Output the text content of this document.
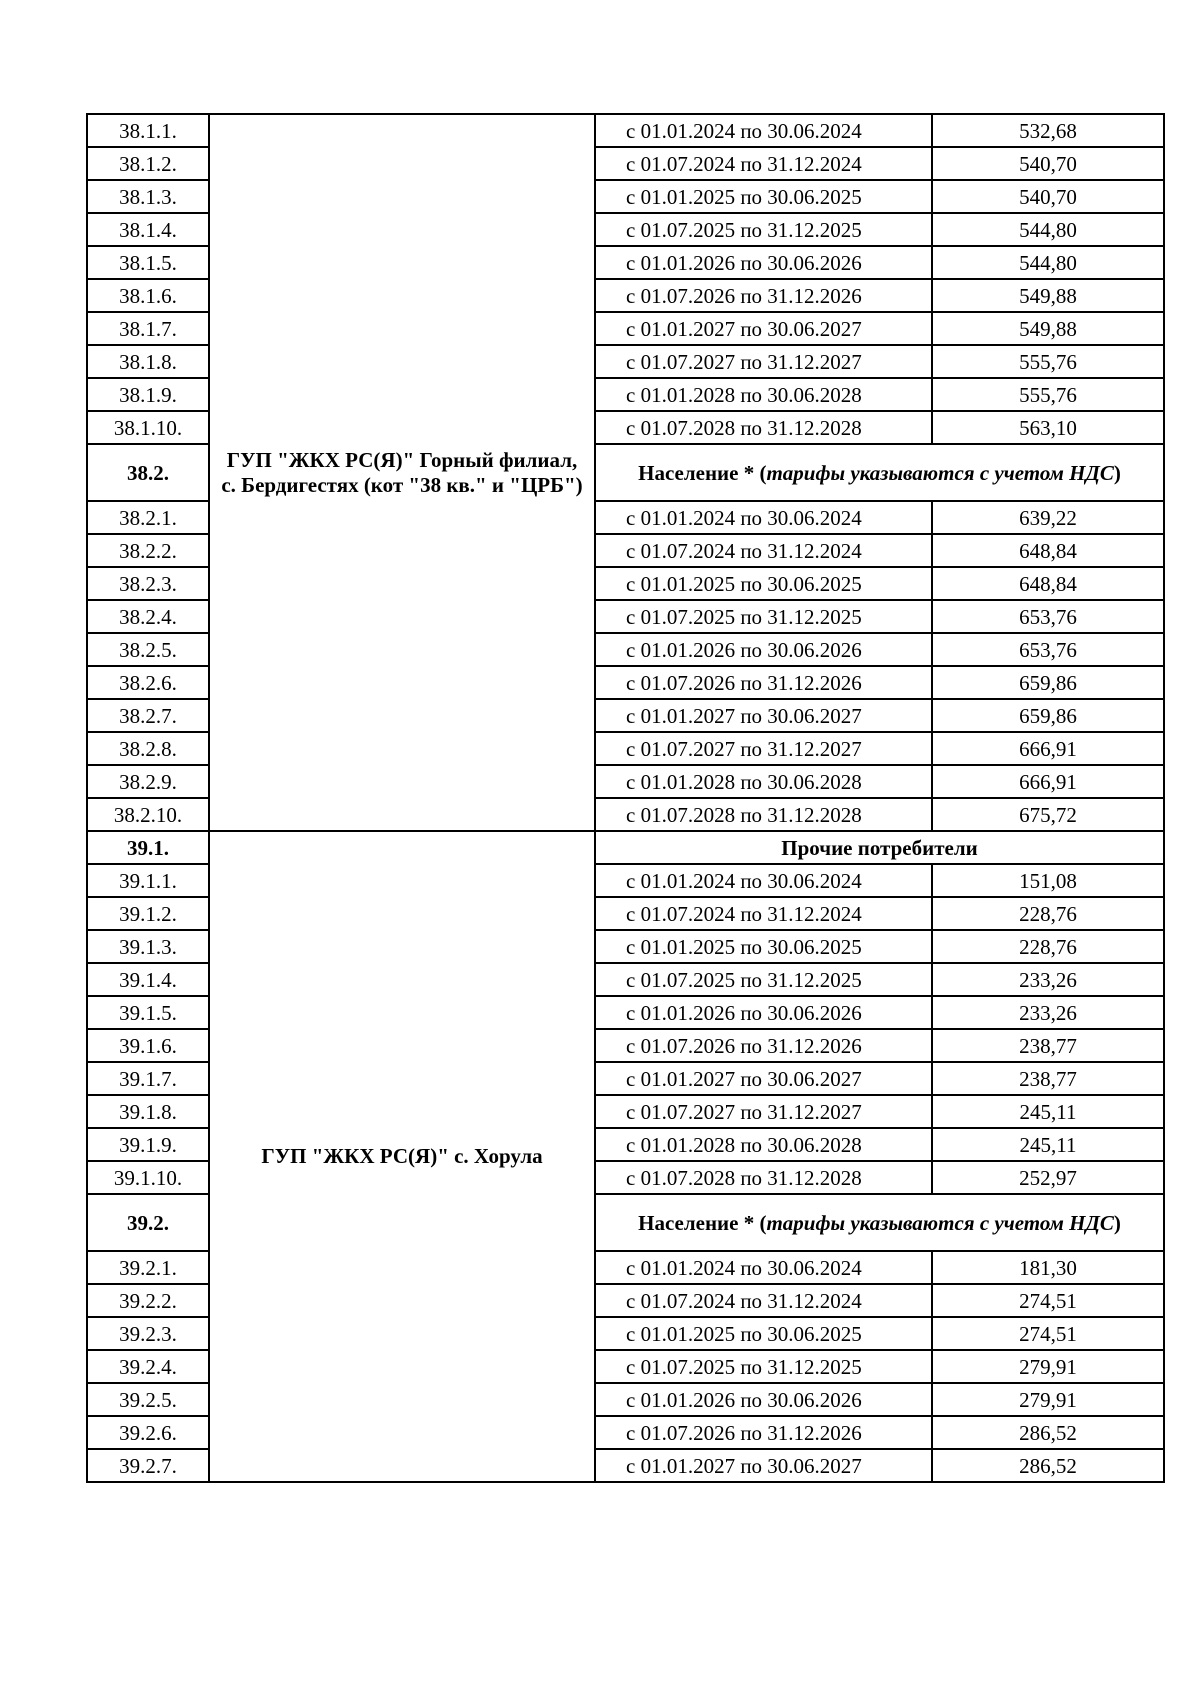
38.1.1.	ГУП "ЖКХ РС(Я)" Горный филиал, с. Бердигестях (кот "38 кв." и "ЦРБ")	с 01.01.2024 по 30.06.2024	532,68
38.1.2.		с 01.07.2024 по 31.12.2024	540,70
38.1.3.		с 01.01.2025 по 30.06.2025	540,70
38.1.4.		с 01.07.2025 по 31.12.2025	544,80
38.1.5.		с 01.01.2026 по 30.06.2026	544,80
38.1.6.		с 01.07.2026 по 31.12.2026	549,88
38.1.7.		с 01.01.2027 по 30.06.2027	549,88
38.1.8.		с 01.07.2027 по 31.12.2027	555,76
38.1.9.		с 01.01.2028 по 30.06.2028	555,76
38.1.10.		с 01.07.2028 по 31.12.2028	563,10
38.2.		Население * (тарифы указываются с учетом НДС)	
38.2.1.		с 01.01.2024 по 30.06.2024	639,22
38.2.2.		с 01.07.2024 по 31.12.2024	648,84
38.2.3.		с 01.01.2025 по 30.06.2025	648,84
38.2.4.		с 01.07.2025 по 31.12.2025	653,76
38.2.5.		с 01.01.2026 по 30.06.2026	653,76
38.2.6.		с 01.07.2026 по 31.12.2026	659,86
38.2.7.		с 01.01.2027 по 30.06.2027	659,86
38.2.8.		с 01.07.2027 по 31.12.2027	666,91
38.2.9.		с 01.01.2028 по 30.06.2028	666,91
38.2.10.		с 01.07.2028 по 31.12.2028	675,72
39.1.	ГУП "ЖКХ РС(Я)" с. Хорула	Прочие потребители	
39.1.1.		с 01.01.2024 по 30.06.2024	151,08
39.1.2.		с 01.07.2024 по 31.12.2024	228,76
39.1.3.		с 01.01.2025 по 30.06.2025	228,76
39.1.4.		с 01.07.2025 по 31.12.2025	233,26
39.1.5.		с 01.01.2026 по 30.06.2026	233,26
39.1.6.		с 01.07.2026 по 31.12.2026	238,77
39.1.7.		с 01.01.2027 по 30.06.2027	238,77
39.1.8.		с 01.07.2027 по 31.12.2027	245,11
39.1.9.		с 01.01.2028 по 30.06.2028	245,11
39.1.10.		с 01.07.2028 по 31.12.2028	252,97
39.2.		Население * (тарифы указываются с учетом НДС)	
39.2.1.		с 01.01.2024 по 30.06.2024	181,30
39.2.2.		с 01.07.2024 по 31.12.2024	274,51
39.2.3.		с 01.01.2025 по 30.06.2025	274,51
39.2.4.		с 01.07.2025 по 31.12.2025	279,91
39.2.5.		с 01.01.2026 по 30.06.2026	279,91
39.2.6.		с 01.07.2026 по 31.12.2026	286,52
39.2.7.		с 01.01.2027 по 30.06.2027	286,52
